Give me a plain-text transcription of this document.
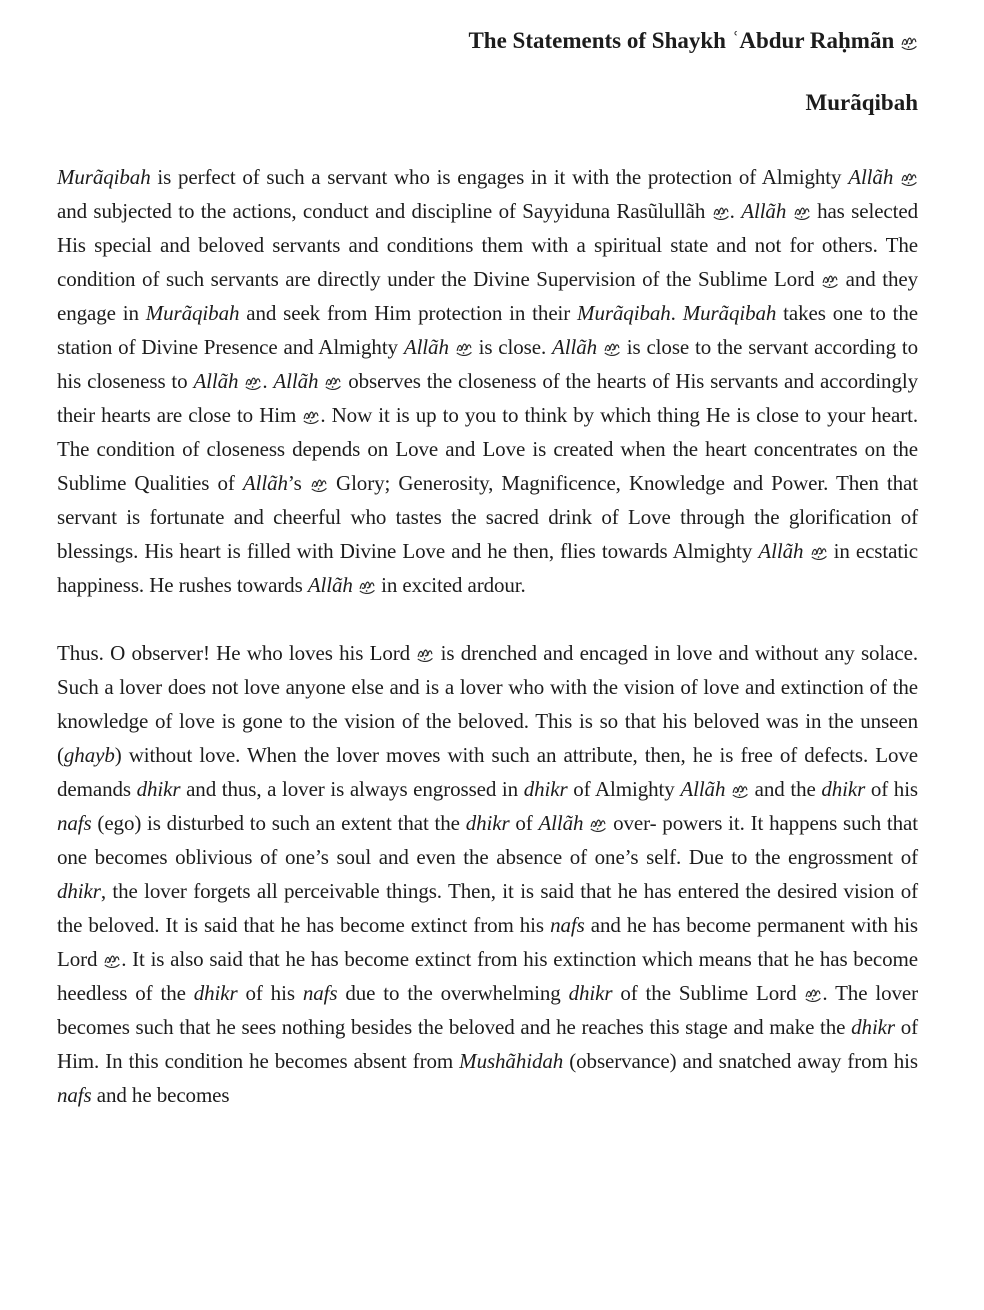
The Statements of Shaykh ʿAbdur Raḥmãn
Murãqibah

Murãqibah is perfect of such a servant who is engages in it with the protection of Almighty Allãh
and subjected to the actions, conduct and discipline of Sayyiduna Rasũlullãh
. Allãh
has selected His special and beloved servants and conditions them with a spiritual state and not for others. The condition of such servants are directly under the Divine Supervision of the Sublime Lord
and they engage in Murãqibah and seek from Him protection in their Murãqibah. Murãqibah takes one to the station of Divine Presence and Almighty Allãh
is close. Allãh
is close to the servant according to his closeness to Allãh . Allãh
observes the closeness of the hearts of His servants and accordingly their hearts are close to Him
. Now it is up to you to think by which thing He is close to your heart. The condition of closeness depends on Love and Love is created when the heart concentrates on the Sublime Qualities of Allãh’s
Glory; Generosity, Magnificence, Knowledge and Power. Then that servant is fortunate and cheerful who tastes the sacred drink of Love through the glorification of blessings. His heart is filled with Divine Love and he then, flies towards Almighty Allãh
in ecstatic happiness. He rushes towards Allãh
in excited ardour.

Thus. O observer! He who loves his Lord
is drenched and encaged in love and without any solace. Such a lover does not love anyone else and is a lover who with the vision of love and extinction of the knowledge of love is gone to the vision of the beloved. This is so that his beloved was in the unseen (ghayb) without love. When the lover moves with such an attribute, then, he is free of defects. Love demands dhikr and thus, a lover is always engrossed in dhikr of Almighty Allãh
and the dhikr of his nafs (ego) is disturbed to such an extent that the dhikr of Allãh
over- powers it. It happens such that one becomes oblivious of one’s soul and even the absence of one’s self. Due to the engrossment of dhikr, the lover forgets all perceivable things. Then, it is said that he has entered the desired vision of the beloved. It is said that he has become extinct from his nafs and he has become permanent with his Lord
. It is also said that he has become extinct from his extinction which means that he has become heedless of the dhikr of his nafs due to the overwhelming dhikr of the Sublime Lord
. The lover becomes such that he sees nothing besides the beloved and he reaches this stage and make the dhikr of Him. In this condition he becomes absent from Mushãhidah (observance) and snatched away from his nafs and he becomes
